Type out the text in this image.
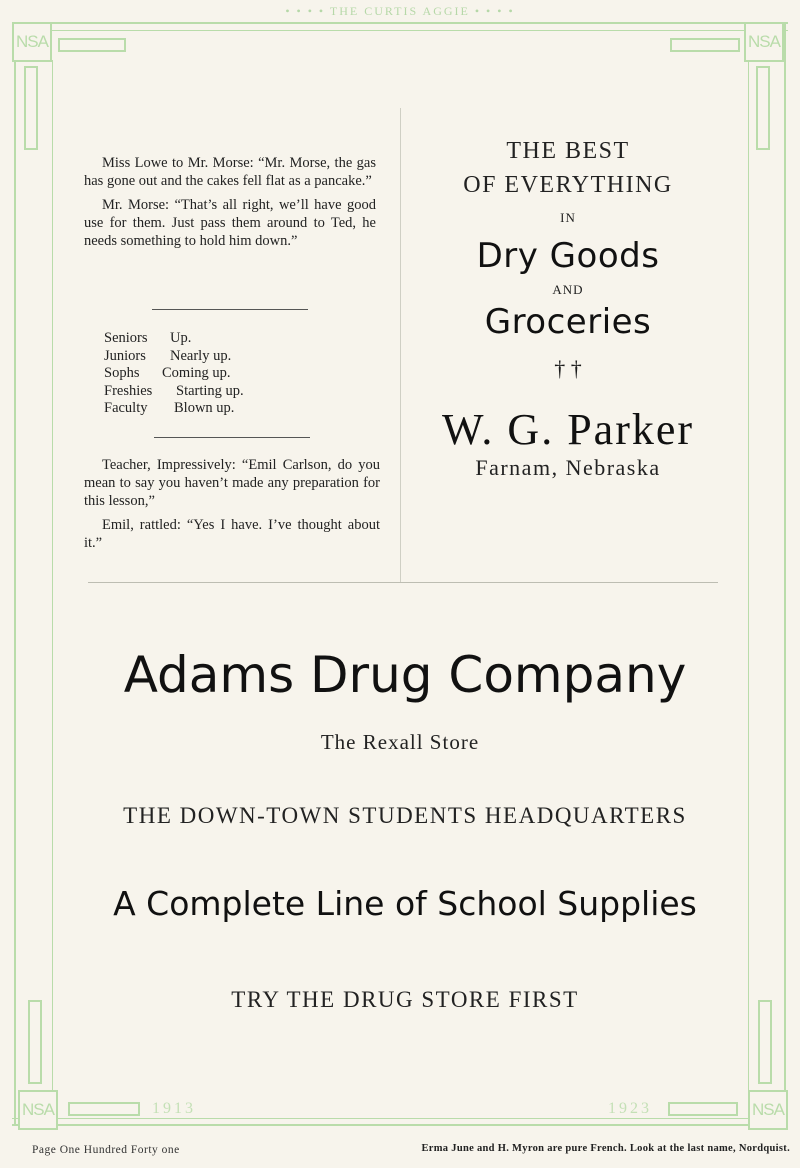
• • • • THE CURTIS AGGIE • • • •
NSA	NSA
NSA	NSA
1913	1923

Miss Lowe to Mr. Morse: “Mr. Morse, the gas has gone out and the cakes fell flat as a pancake.”

Mr. Morse: “That’s all right, we’ll have good use for them. Just pass them around to Ted, he needs something to hold him down.”

Seniors Up.
Juniors Nearly up.
Sophs Coming up.
Freshies Starting up.
Faculty Blown up.

Teacher, Impressively: “Emil Carlson, do you mean to say you haven’t made any preparation for this lesson,”

Emil, rattled: “Yes I have. I’ve thought about it.”

THE BEST
OF EVERYTHING
IN
Dry Goods
AND
Groceries
† †
W. G. Parker
Farnam, Nebraska
Adams Drug Company
The Rexall Store
THE DOWN-TOWN STUDENTS HEADQUARTERS
A Complete Line of School Supplies
TRY THE DRUG STORE FIRST
Page One Hundred Forty one	Erma June and H. Myron are pure French. Look at the last name, Nordquist.
